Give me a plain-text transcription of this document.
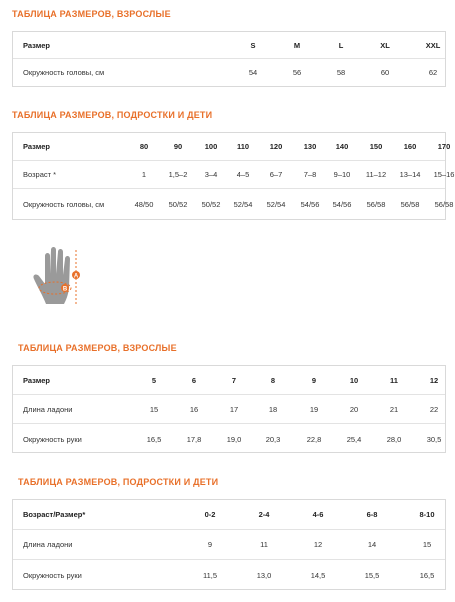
ТАБЛИЦА РАЗМЕРОВ, ВЗРОСЛЫЕ
Размер	S	M	L	XL	XXL
Окружность головы, см	54	56	58	60	62
ТАБЛИЦА РАЗМЕРОВ, ПОДРОСТКИ И ДЕТИ
Размер	80	90	100	110	120	130	140	150	160	170
Возраст *	1	1,5–2 3–4	4–5	6–7	7–8 9–10 11–12 13–14 15–16
Окружность головы, см	48/50 50/52 50/52 52/54 52/54 54/56 54/56 56/58 56/58 56/58
A
B
ТАБЛИЦА РАЗМЕРОВ, ВЗРОСЛЫЕ
Размер	5	6	7	8	9	10	11	12
Длина ладони	15	16	17	18	19	20	21	22
Окружность руки	16,5	17,8	19,0	20,3	22,8	25,4	28,0	30,5
ТАБЛИЦА РАЗМЕРОВ, ПОДРОСТКИ И ДЕТИ
Возраст/Размер*	0-2	2-4	4-6	6-8	8-10
Длина ладони	9	11	12	14	15
Окружность руки	11,5	13,0	14,5	15,5	16,5
